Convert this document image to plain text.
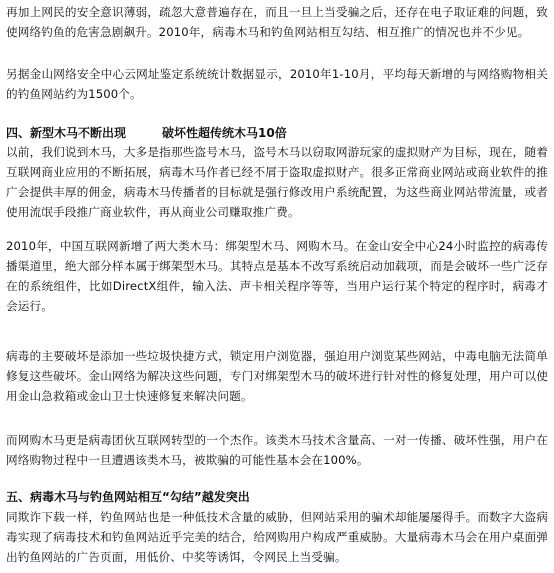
再加上网民的安全意识薄弱，疏忽大意普遍存在，而且一旦上当受骗之后，还存在电子取证难的问题，致使网络钓鱼的危害急剧飙升。2010年，病毒木马和钓鱼网站相互勾结、相互推广的情况也并不少见。

另据金山网络安全中心云网址鉴定系统统计数据显示，2010年1-10月，平均每天新增的与网络购物相关的钓鱼网站约为1500个。

四、新型木马不断出现	破坏性超传统木马10倍

以前，我们说到木马，大多是指那些盗号木马，盗号木马以窃取网游玩家的虚拟财产为目标，现在，随着互联网商业应用的不断拓展，病毒木马作者已经不屑于盗取虚拟财产。很多正常商业网站或商业软件的推广会提供丰厚的佣金，病毒木马传播者的目标就是强行修改用户系统配置，为这些商业网站带流量，或者使用流氓手段推广商业软件，再从商业公司赚取推广费。

2010年，中国互联网新增了两大类木马：绑架型木马、网购木马。在金山安全中心24小时监控的病毒传播渠道里，绝大部分样本属于绑架型木马。其特点是基本不改写系统启动加载项，而是会破坏一些广泛存在的系统组件，比如DirectX组件，输入法、声卡相关程序等等，当用户运行某个特定的程序时，病毒才会运行。

病毒的主要破坏是添加一些垃圾快捷方式，锁定用户浏览器，强迫用户浏览某些网站，中毒电脑无法简单修复这些破坏。金山网络为解决这些问题，专门对绑架型木马的破坏进行针对性的修复处理，用户可以使用金山急救箱或金山卫士快速修复来解决问题。

而网购木马更是病毒团伙互联网转型的一个杰作。该类木马技术含量高、一对一传播、破坏性强，用户在网络购物过程中一旦遭遇该类木马，被欺骗的可能性基本会在100%。

五、病毒木马与钓鱼网站相互“勾结”越发突出

同欺诈下载一样，钓鱼网站也是一种低技术含量的威胁，但网站采用的骗术却能屡屡得手。而数字大盗病毒实现了病毒技术和钓鱼网站近乎完美的结合，给网购用户构成严重威胁。大量病毒木马会在用户桌面弹出钓鱼网站的广告页面，用低价、中奖等诱饵，令网民上当受骗。
